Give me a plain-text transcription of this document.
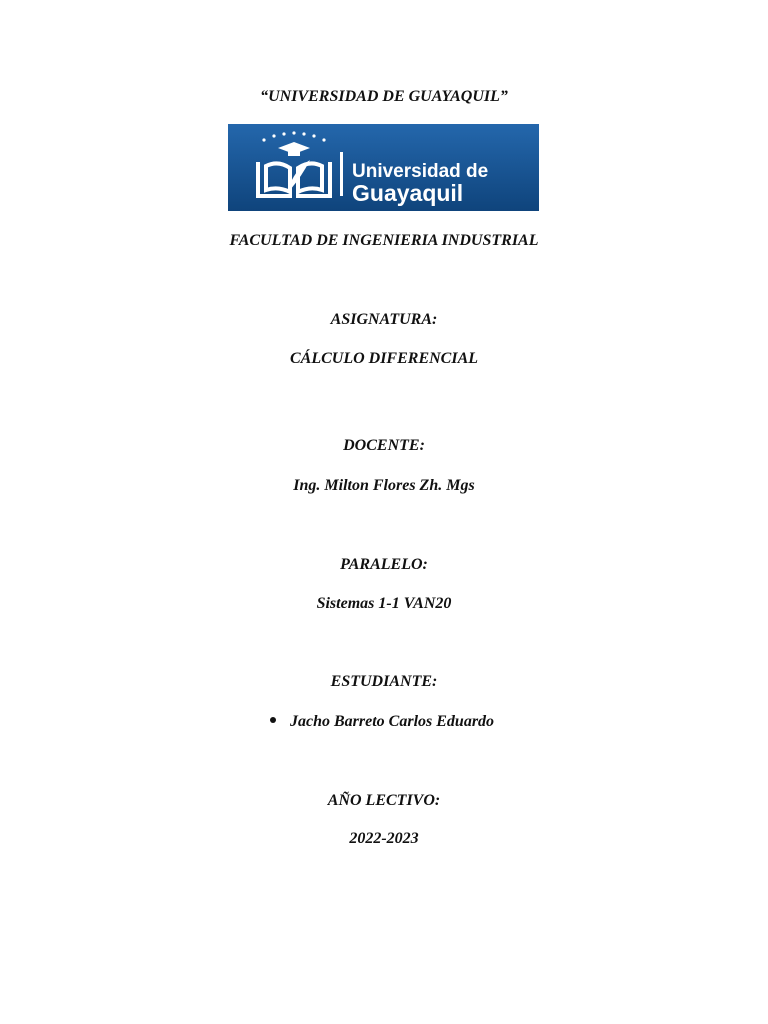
“UNIVERSIDAD DE GUAYAQUIL”
Universidad de
Guayaquil
FACULTAD DE INGENIERIA INDUSTRIAL
ASIGNATURA:
CÁLCULO DIFERENCIAL
DOCENTE:
Ing. Milton Flores Zh. Mgs
PARALELO:
Sistemas 1-1 VAN20
ESTUDIANTE:
Jacho Barreto Carlos Eduardo
AÑO LECTIVO:
2022-2023
